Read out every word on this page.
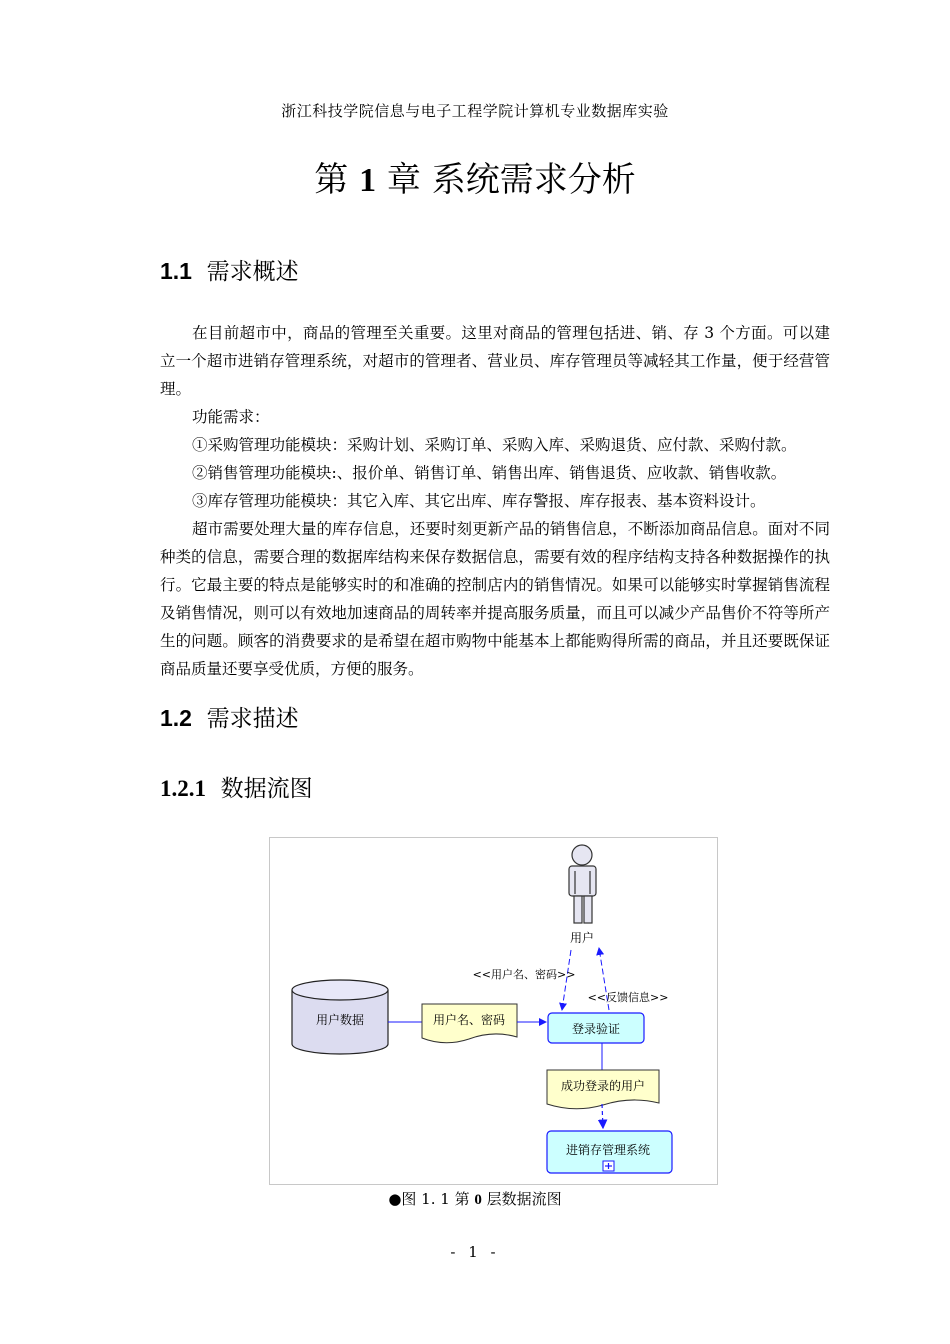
浙江科技学院信息与电子工程学院计算机专业数据库实验
第 1 章 系统需求分析
1.1 需求概述

在目前超市中，商品的管理至关重要。这里对商品的管理包括进、销、存 3 个方面。可以建立一个超市进销存管理系统，对超市的管理者、营业员、库存管理员等减轻其工作量，便于经营管理。

功能需求：

①采购管理功能模块：采购计划、采购订单、采购入库、采购退货、应付款、采购付款。

②销售管理功能模块:、报价单、销售订单、销售出库、销售退货、应收款、销售收款。

③库存管理功能模块：其它入库、其它出库、库存警报、库存报表、基本资料设计。

超市需要处理大量的库存信息，还要时刻更新产品的销售信息，不断添加商品信息。面对不同种类的信息，需要合理的数据库结构来保存数据信息，需要有效的程序结构支持各种数据操作的执行。它最主要的特点是能够实时的和准确的控制店内的销售情况。如果可以能够实时掌握销售流程及销售情况，则可以有效地加速商品的周转率并提高服务质量，而且可以减少产品售价不符等所产生的问题。顾客的消费要求的是希望在超市购物中能基本上都能购得所需的商品，并且还要既保证商品质量还要享受优质，方便的服务。

1.2 需求描述
1.2.1 数据流图
用户
<<用户名、密码>>
<<反馈信息>>
用户数据	用户名、密码
登录验证
成功登录的用户
进销存管理系统
●图 1. 1 第 0 层数据流图
- 1 -
